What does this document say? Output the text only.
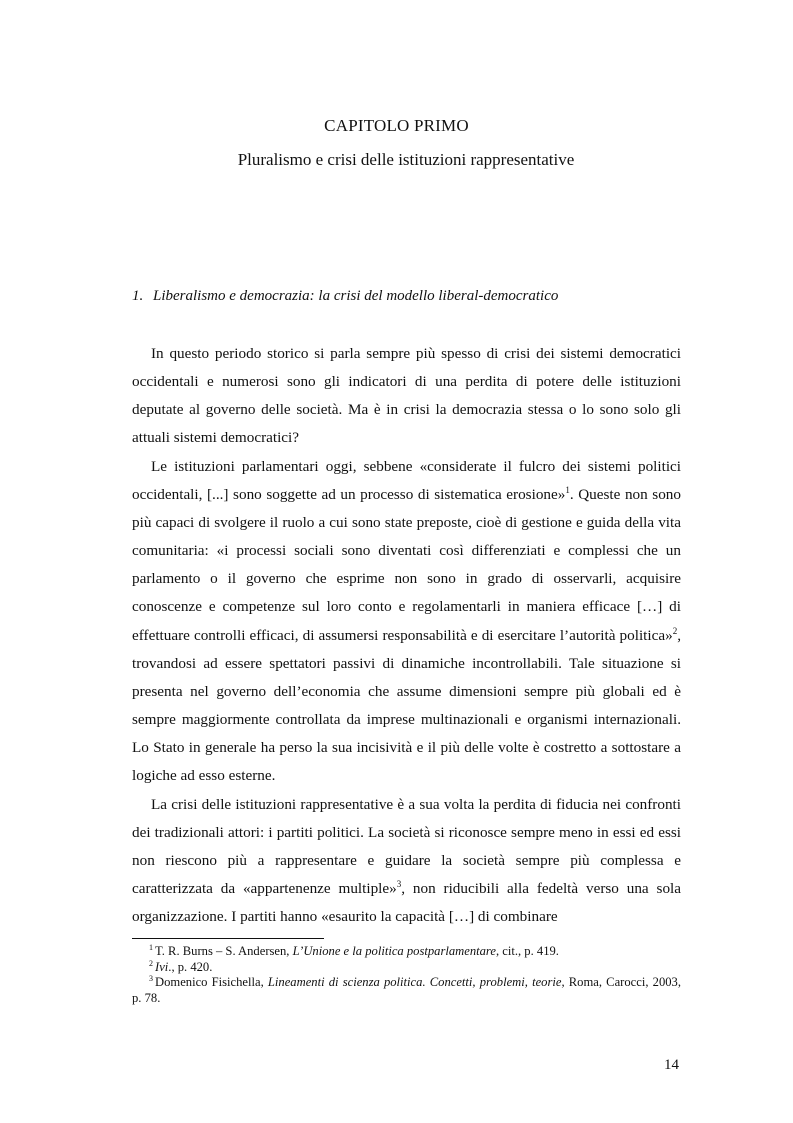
CAPITOLO PRIMO
Pluralismo e crisi delle istituzioni rappresentative
1. Liberalismo e democrazia: la crisi del modello liberal-democratico

In questo periodo storico si parla sempre più spesso di crisi dei sistemi democratici occidentali e numerosi sono gli indicatori di una perdita di potere delle istituzioni deputate al governo delle società. Ma è in crisi la democrazia stessa o lo sono solo gli attuali sistemi democratici?

Le istituzioni parlamentari oggi, sebbene «considerate il fulcro dei sistemi politici occidentali, [...] sono soggette ad un processo di sistematica erosione»$^1$. Queste non sono più capaci di svolgere il ruolo a cui sono state preposte, cioè di gestione e guida della vita comunitaria: «i processi sociali sono diventati così differenziati e complessi che un parlamento o il governo che esprime non sono in grado di osservarli, acquisire conoscenze e competenze sul loro conto e regolamentarli in maniera efficace […] di effettuare controlli efficaci, di assumersi responsabilità e di esercitare l’autorità politica»$^2$, trovandosi ad essere spettatori passivi di dinamiche incontrollabili. Tale situazione si presenta nel governo dell’economia che assume dimensioni sempre più globali ed è sempre maggiormente controllata da imprese multinazionali e organismi internazionali. Lo Stato in generale ha perso la sua incisività e il più delle volte è costretto a sottostare a logiche ad esso esterne.

La crisi delle istituzioni rappresentative è a sua volta la perdita di fiducia nei confronti dei tradizionali attori: i partiti politici. La società si riconosce sempre meno in essi ed essi non riescono più a rappresentare e guidare la società sempre più complessa e caratterizzata da «appartenenze multiple»$^3$, non riducibili alla fedeltà verso una sola organizzazione. I partiti hanno «esaurito la capacità […] di combinare

$^1$ T. R. Burns – S. Andersen, L’Unione e la politica postparlamentare, cit., p. 419.

$^2$ Ivi., p. 420.

$^3$ Domenico Fisichella, Lineamenti di scienza politica. Concetti, problemi, teorie, Roma, Carocci, 2003, p. 78.

14
